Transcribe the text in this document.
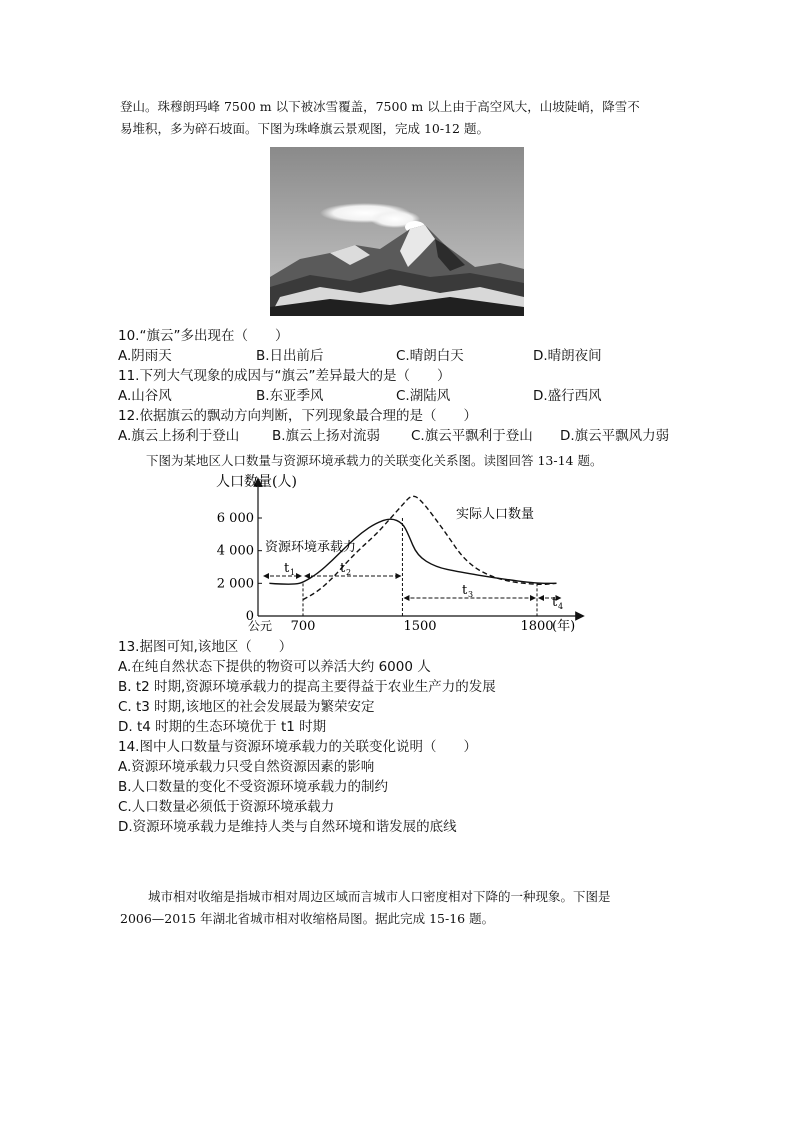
登山。珠穆朗玛峰 7500 m 以下被冰雪覆盖，7500 m 以上由于高空风大，山坡陡峭，降雪不
易堆积，多为碎石坡面。下图为珠峰旗云景观图，完成 10-12 题。
10.“旗云”多出现在（　　）
A.阴雨天	B.日出前后	C.晴朗白天	D.晴朗夜间
11.下列大气现象的成因与“旗云”差异最大的是（　　）
A.山谷风	B.东亚季风	C.湖陆风	D.盛行西风
12.依据旗云的飘动方向判断，下列现象最合理的是（　　）
A.旗云上扬利于登山 B.旗云上扬对流弱 C.旗云平飘利于登山 D.旗云平飘风力弱
下图为某地区人口数量与资源环境承载力的关联变化关系图。读图回答 13-14 题。
人口数量(人)
(年)
公元
0
2 000
4 000
6 000
700	1500	1800
资源环境承载力
实际人口数量
t 1	t 2
t 3
t 4
13.据图可知,该地区（　　）
A.在纯自然状态下提供的物资可以养活大约 6000 人
B. t2 时期,资源环境承载力的提高主要得益于农业生产力的发展
C. t3 时期,该地区的社会发展最为繁荣安定
D. t4 时期的生态环境优于 t1 时期
14.图中人口数量与资源环境承载力的关联变化说明（　　）
A.资源环境承载力只受自然资源因素的影响
B.人口数量的变化不受资源环境承载力的制约
C.人口数量必须低于资源环境承载力
D.资源环境承载力是维持人类与自然环境和谐发展的底线
城市相对收缩是指城市相对周边区域而言城市人口密度相对下降的一种现象。下图是
2006—2015 年湖北省城市相对收缩格局图。据此完成 15-16 题。
